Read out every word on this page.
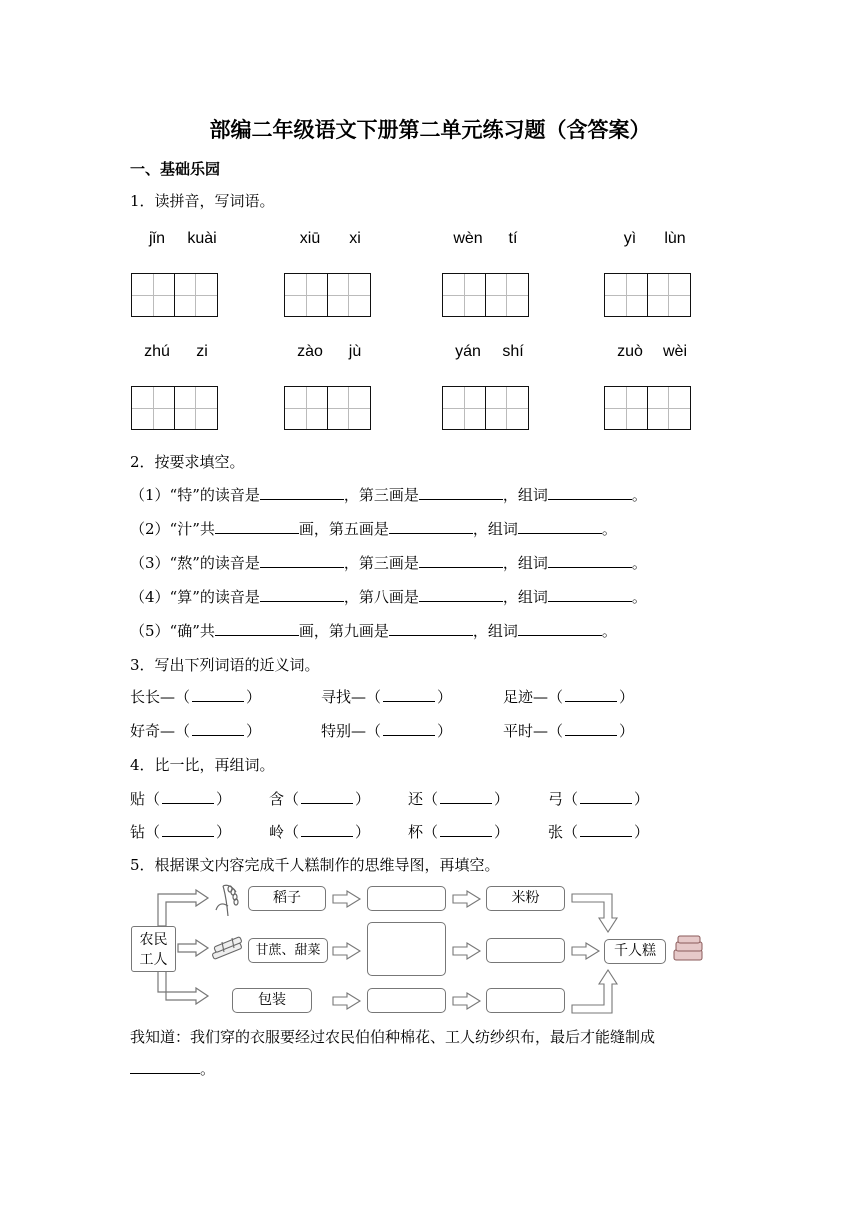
部编二年级语文下册第二单元练习题（含答案）
一、基础乐园
1．读拼音，写词语。
jǐn	kuài	xiū	xi	wèn	tí	yì	lùn
zhú	zi	zào	jù	yán	shí	zuò	wèi
2．按要求填空。
（1）“特”的读音是	，第三画是	，组词	。
（2）“汁”共	画，第五画是	，组词	。
（3）“熬”的读音是	，第三画是	，组词	。
（4）“算”的读音是	，第八画是	，组词	。
（5）“确”共	画，第九画是	，组词	。
3．写出下列词语的近义词。
长长—（	）	寻找—（	）	足迹—（	）
好奇—（	）	特别—（	）	平时—（	）
4．比一比，再组词。
贴（	）	含（	）	还（	）	弓（	）
钻（	）	岭（	）	杯（	）	张（	）
5．根据课文内容完成千人糕制作的思维导图，再填空。
农民
工人
稻子	米粉
甘蔗、甜菜
包装
千人糕
我知道：我们穿的衣服要经过农民伯伯种棉花、工人纺纱织布，最后才能缝制成
。
